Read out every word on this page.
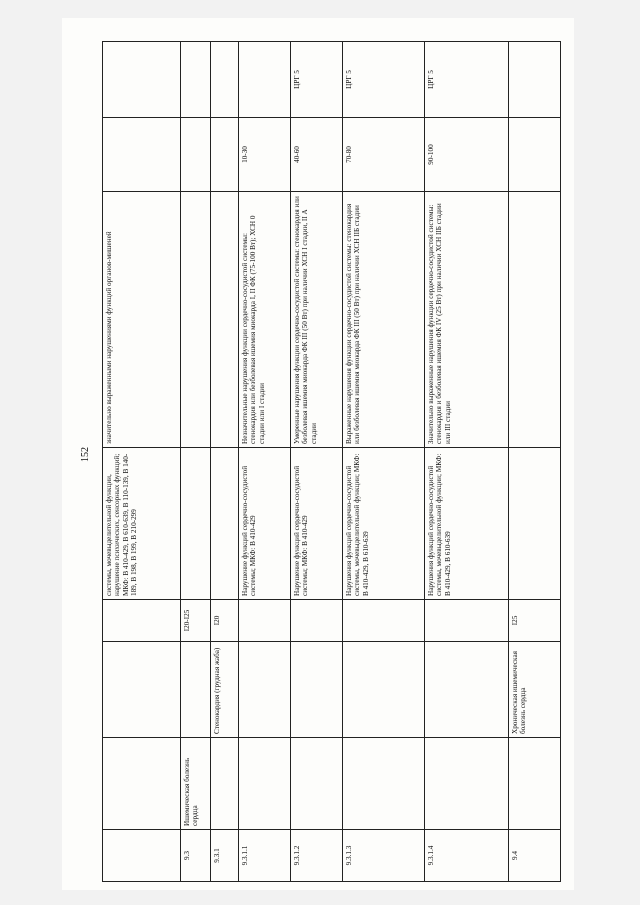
152
				системы, мочевыделительной функции, нарушение психических, сенсорных функций; МКФ: В 410-429, В 610-639, В 110-139, В 140-189, В 198, В 199, В 210-299	значительно выраженными нарушениями функций органов-мишеней		
9.3	Ишемическая болезнь сердца		I20-I25				
9.3.1		Стенокардия (грудная жаба)	I20				
9.3.1.1				Нарушение функций сердечно-сосудистой системы; МКФ: В 410-429	Незначительные нарушения функции сердечно-сосудистой системы: стенокардия или безболевая ишемия миокарда I, II ФК (75-100 Вт); ХСН 0 стадии или I стадии	10-30	
9.3.1.2				Нарушение функций сердечно-сосудистой системы; МКФ: В 410-429	Умеренные нарушения функции сердечно-сосудистой системы: стенокардия или безболевая ишемия миокарда ФК III (50 Вт) при наличии ХСН I стадии, II А стадии	40-60	ЦРГ 5
9.3.1.3				Нарушения функций сердечно-сосудистой системы, мочевыделительной функции; МКФ: В 410-429, В 610-639	Выраженные нарушения функции сердечно-сосудистой системы: стенокардия или безболевая ишемия миокарда ФК III (50 Вт) при наличии ХСН IIБ стадии	70-80	ЦРГ 5
9.3.1.4				Нарушения функций сердечно-сосудистой системы, мочевыделительной функции; МКФ: В 410-429, В 610-639	Значительно выраженные нарушения функции сердечно-сосудистой системы: стенокардия и безболевая ишемия ФК IV (25 Вт) при наличии ХСН IIБ стадии или III стадии	90-100	ЦРГ 5
9.4		Хроническая ишемическая болезнь сердца	I25				
